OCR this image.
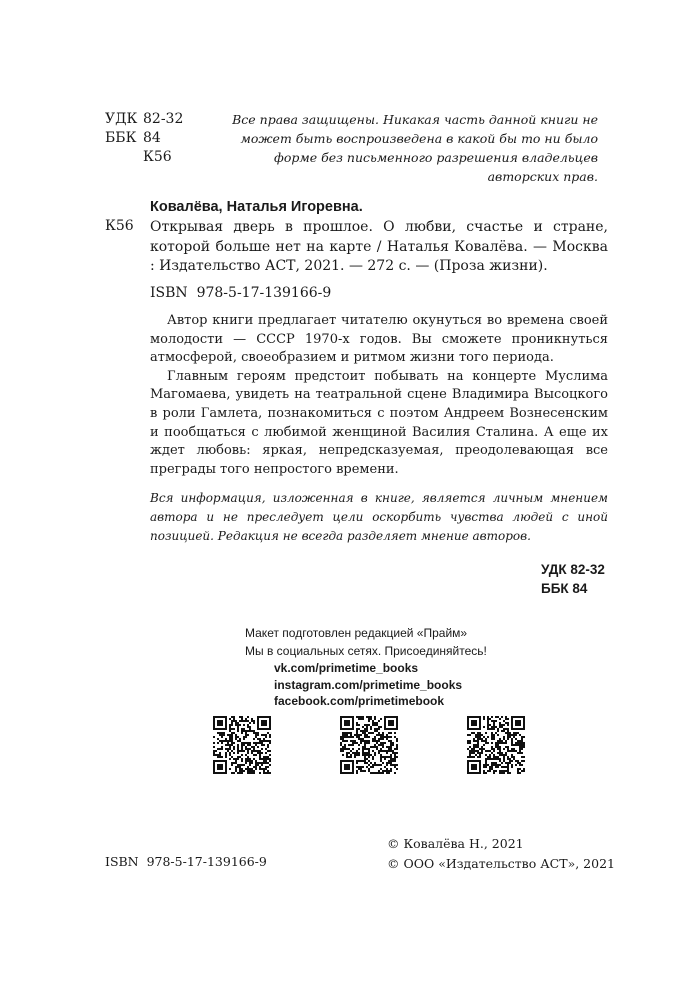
УДК 82-32
ББК 84
К56
Все права защищены. Никакая часть данной книги не может быть воспроизведена в какой бы то ни было форме без письменного разрешения владельцев авторских прав.
Ковалёва, Наталья Игоревна.
К56 Открывая дверь в прошлое. О любви, счастье и стране, которой больше нет на карте / Наталья Ковалёва. — Москва : Издательство АСТ, 2021. — 272 с. — (Проза жизни).
ISBN 978-5-17-139166-9

Автор книги предлагает читателю окунуться во времена своей молодости — СССР 1970-х годов. Вы сможете проникнуться атмосферой, своеобразием и ритмом жизни того периода.

Главным героям предстоит побывать на концерте Муслима Магомаева, увидеть на театральной сцене Владимира Высоцкого в роли Гамлета, познакомиться с поэтом Андреем Вознесенским и пообщаться с любимой женщиной Василия Сталина. А еще их ждет любовь: яркая, непредсказуемая, преодолевающая все преграды того непростого времени.

Вся информация, изложенная в книге, является личным мнением автора и не преследует цели оскорбить чувства людей с иной позицией. Редакция не всегда разделяет мнение авторов.
УДК 82-32
ББК 84
Макет подготовлен редакцией «Прайм»
Мы в социальных сетях. Присоединяйтесь!
vk.com/primetime_books
instagram.com/primetime_books
facebook.com/primetimebook
© Ковалёва Н., 2021
© ООО «Издательство АСТ», 2021
ISBN 978-5-17-139166-9
